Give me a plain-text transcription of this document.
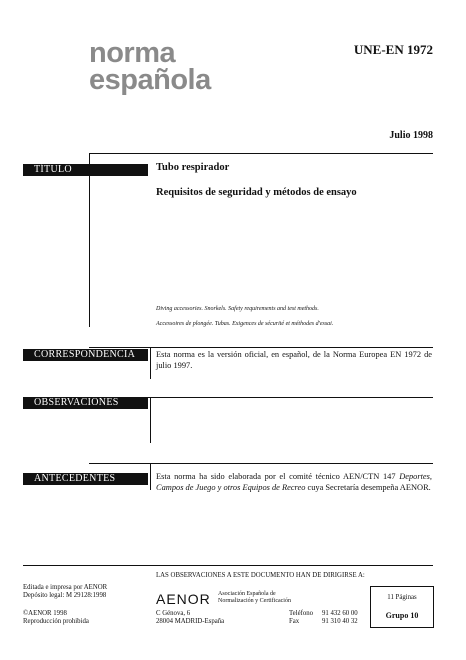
norma
española
UNE-EN 1972
Julio 1998
TÍTULO
CORRESPONDENCIA
OBSERVACIONES
ANTECEDENTES
Tubo respirador
Requisitos de seguridad y métodos de ensayo
Diving accessories. Snorkels. Safety requirements and test methods.
Accessoires de plongée. Tubas. Exigences de sécurité et méthodes d'essai.
Esta norma es la versión oficial, en español, de la Norma Europea EN 1972 de julio 1997.
Esta norma ha sido elaborada por el comité técnico AEN/CTN 147 Deportes, Campos de Juego y otros Equipos de Recreo cuya Secretaría desempeña AENOR.
Editada e impresa por AENOR
Depósito legal: M 29128:1998
©AENOR 1998
Reproducción prohibida
LAS OBSERVACIONES A ESTE DOCUMENTO HAN DE DIRIGIRSE A:
AENOR Asociación Española de
Normalización y Certificación
C Génova, 6
28004 MADRID-España
Teléfono
Fax
91 432 60 00
91 310 40 32
11 Páginas
Grupo 10
